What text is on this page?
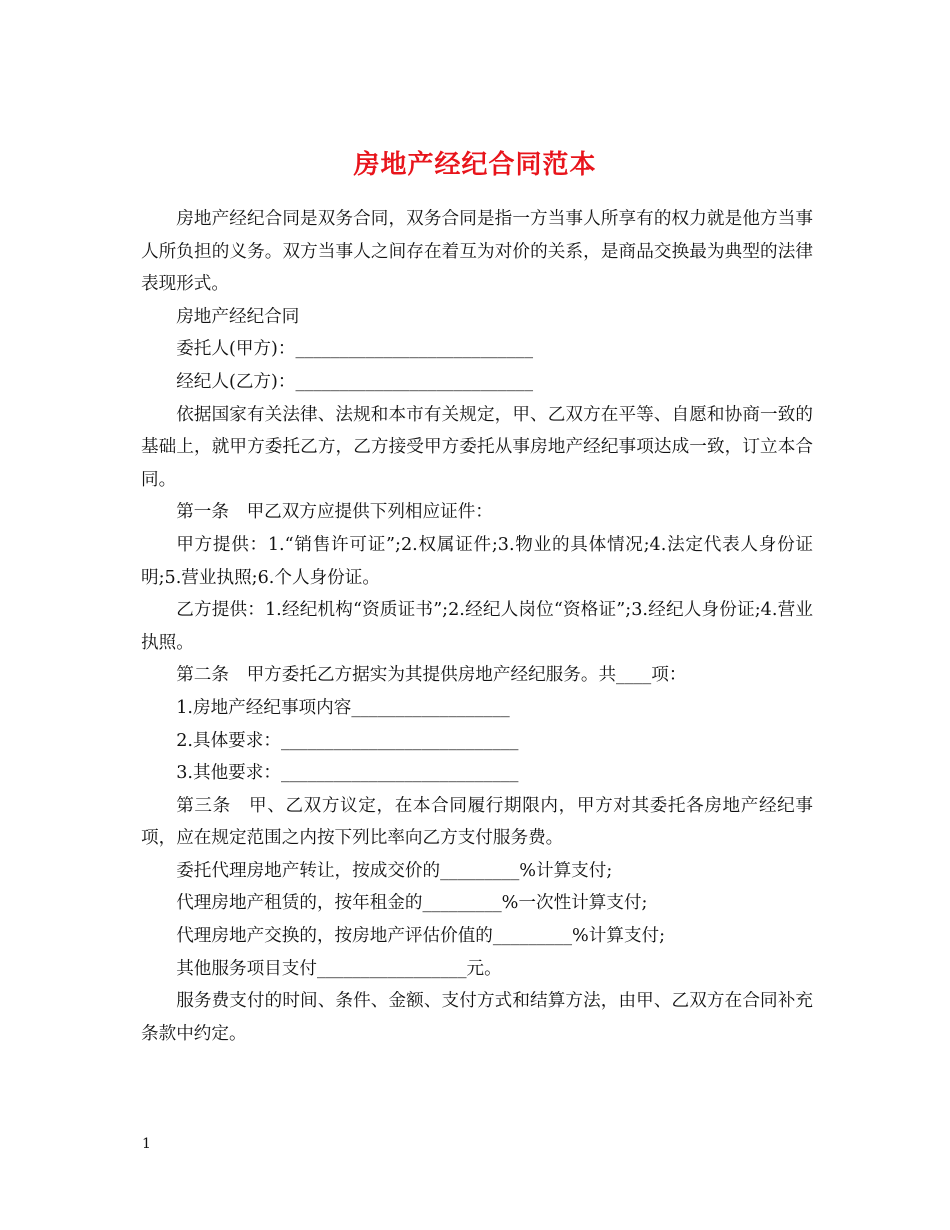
房地产经纪合同范本

房地产经纪合同是双务合同，双务合同是指一方当事人所享有的权力就是他方当事人所负担的义务。双方当事人之间存在着互为对价的关系，是商品交换最为典型的法律表现形式。

房地产经纪合同

委托人(甲方)：___________________________

经纪人(乙方)：___________________________

依据国家有关法律、法规和本市有关规定，甲、乙双方在平等、自愿和协商一致的基础上，就甲方委托乙方，乙方接受甲方委托从事房地产经纪事项达成一致，订立本合同。

第一条　甲乙双方应提供下列相应证件：

甲方提供：1.“销售许可证”;2.权属证件;3.物业的具体情况;4.法定代表人身份证明;5.营业执照;6.个人身份证。

乙方提供：1.经纪机构“资质证书”;2.经纪人岗位“资格证”;3.经纪人身份证;4.营业执照。

第二条　甲方委托乙方据实为其提供房地产经纪服务。共____项：

1.房地产经纪事项内容__________________

2.具体要求：___________________________

3.其他要求：___________________________

第三条　甲、乙双方议定，在本合同履行期限内，甲方对其委托各房地产经纪事项，应在规定范围之内按下列比率向乙方支付服务费。

委托代理房地产转让，按成交价的_________%计算支付;

代理房地产租赁的，按年租金的_________%一次性计算支付;

代理房地产交换的，按房地产评估价值的_________%计算支付;

其他服务项目支付_________________元。

服务费支付的时间、条件、金额、支付方式和结算方法，由甲、乙双方在合同补充条款中约定。

1
